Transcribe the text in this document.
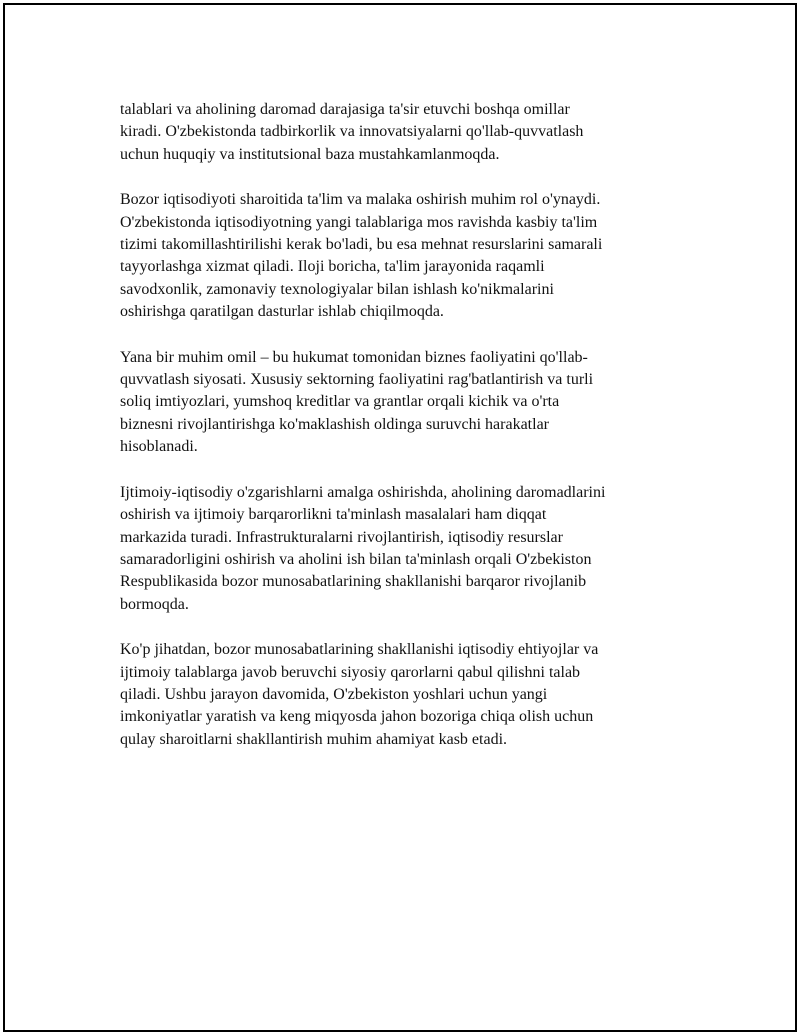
talablari va aholining daromad darajasiga ta'sir etuvchi boshqa omillar
kiradi. O'zbekistonda tadbirkorlik va innovatsiyalarni qo'llab-quvvatlash
uchun huquqiy va institutsional baza mustahkamlanmoqda.

Bozor iqtisodiyoti sharoitida ta'lim va malaka oshirish muhim rol o'ynaydi.
O'zbekistonda iqtisodiyotning yangi talablariga mos ravishda kasbiy ta'lim
tizimi takomillashtirilishi kerak bo'ladi, bu esa mehnat resurslarini samarali
tayyorlashga xizmat qiladi. Iloji boricha, ta'lim jarayonida raqamli
savodxonlik, zamonaviy texnologiyalar bilan ishlash ko'nikmalarini
oshirishga qaratilgan dasturlar ishlab chiqilmoqda.

Yana bir muhim omil – bu hukumat tomonidan biznes faoliyatini qo'llab-
quvvatlash siyosati. Xususiy sektorning faoliyatini rag'batlantirish va turli
soliq imtiyozlari, yumshoq kreditlar va grantlar orqali kichik va o'rta
biznesni rivojlantirishga ko'maklashish oldinga suruvchi harakatlar
hisoblanadi.

Ijtimoiy-iqtisodiy o'zgarishlarni amalga oshirishda, aholining daromadlarini
oshirish va ijtimoiy barqarorlikni ta'minlash masalalari ham diqqat
markazida turadi. Infrastrukturalarni rivojlantirish, iqtisodiy resurslar
samaradorligini oshirish va aholini ish bilan ta'minlash orqali O'zbekiston
Respublikasida bozor munosabatlarining shakllanishi barqaror rivojlanib
bormoqda.

Ko'p jihatdan, bozor munosabatlarining shakllanishi iqtisodiy ehtiyojlar va
ijtimoiy talablarga javob beruvchi siyosiy qarorlarni qabul qilishni talab
qiladi. Ushbu jarayon davomida, O'zbekiston yoshlari uchun yangi
imkoniyatlar yaratish va keng miqyosda jahon bozoriga chiqa olish uchun
qulay sharoitlarni shakllantirish muhim ahamiyat kasb etadi.
